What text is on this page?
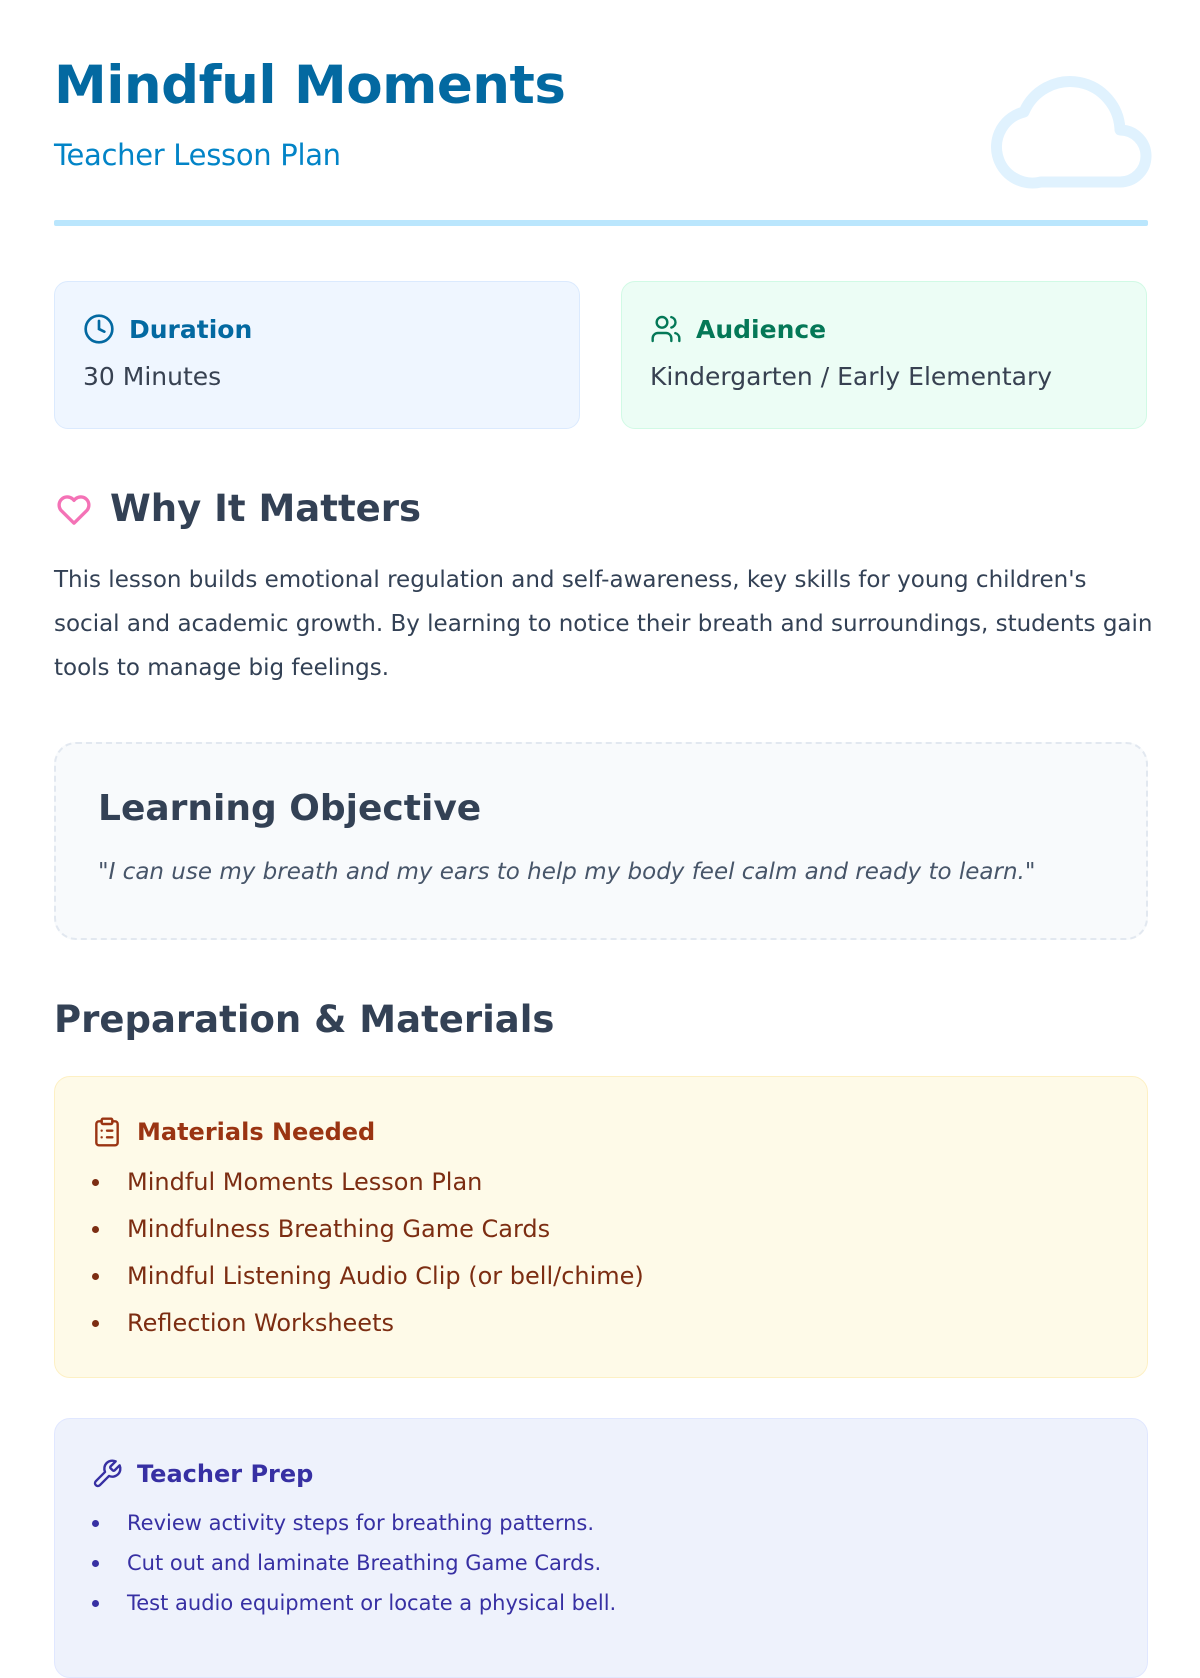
Mindful Moments

Teacher Lesson Plan

Duration
30 Minutes
Audience
Kindergarten / Early Elementary
Why It Matters

This lesson builds emotional regulation and self-awareness, key skills for young children's social and academic growth. By learning to notice their breath and surroundings, students gain tools to manage big feelings.

Learning Objective

"I can use my breath and my ears to help my body feel calm and ready to learn."

Preparation & Materials
Materials Needed
Mindful Moments Lesson Plan
Mindfulness Breathing Game Cards
Mindful Listening Audio Clip (or bell/chime)
Reflection Worksheets
Teacher Prep
Review activity steps for breathing patterns.
Cut out and laminate Breathing Game Cards.
Test audio equipment or locate a physical bell.
